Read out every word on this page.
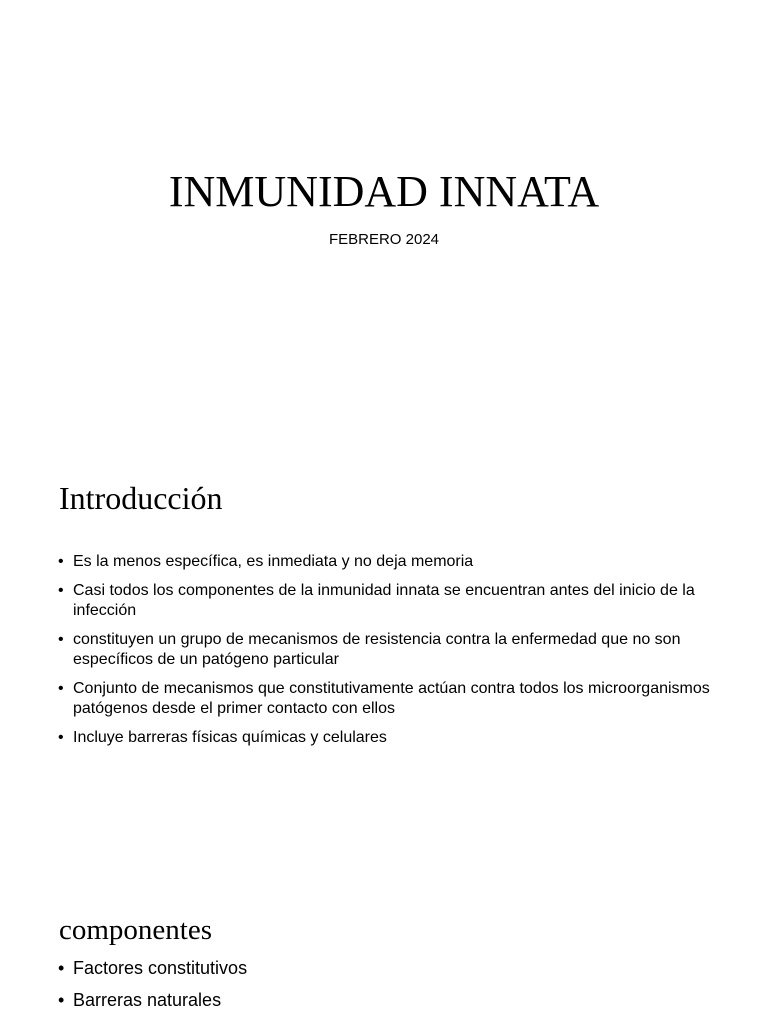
INMUNIDAD INNATA

FEBRERO 2024

Introducción
• Es la menos específica, es inmediata y no deja memoria
• Casi todos los componentes de la inmunidad innata se encuentran antes del inicio de la infección
• constituyen un grupo de mecanismos de resistencia contra la enfermedad que no son específicos de un patógeno particular
• Conjunto de mecanismos que constitutivamente actúan contra todos los microorganismos patógenos desde el primer contacto con ellos
• Incluye barreras físicas químicas y celulares
componentes
• Factores constitutivos
• Barreras naturales
